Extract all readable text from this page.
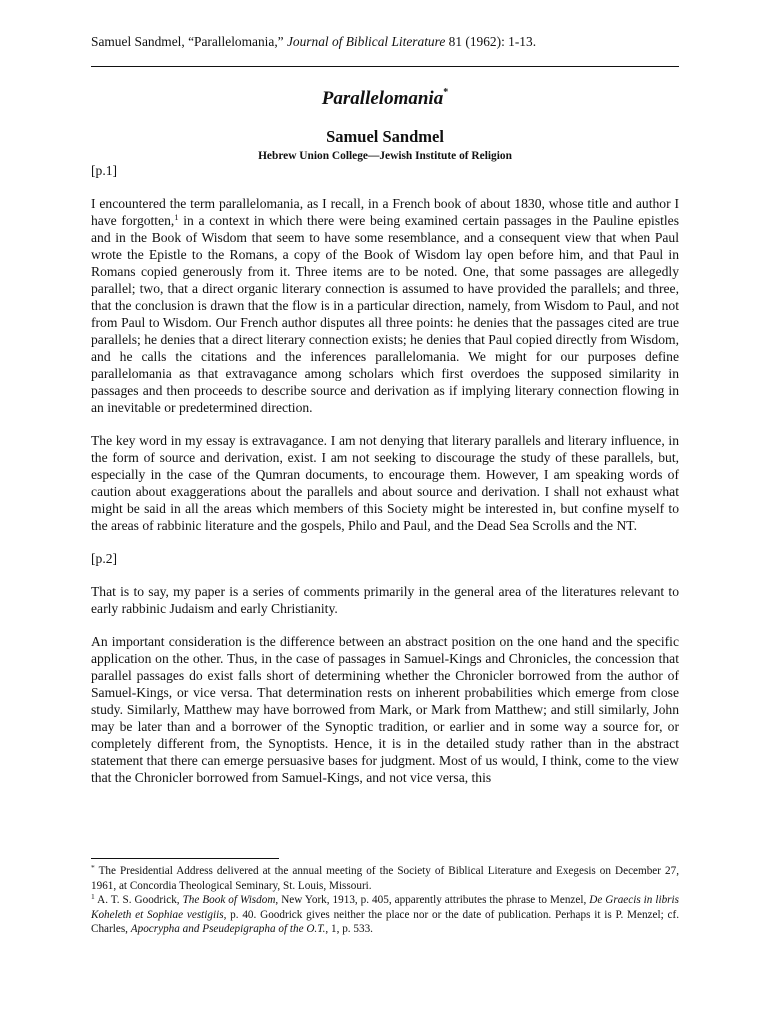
Samuel Sandmel, “Parallelomania,” Journal of Biblical Literature 81 (1962): 1-13.
Parallelomania*
Samuel Sandmel
Hebrew Union College—Jewish Institute of Religion

[p.1]

I encountered the term parallelomania, as I recall, in a French book of about 1830, whose title and author I have forgotten,$^1$ in a context in which there were being examined certain passages in the Pauline epistles and in the Book of Wisdom that seem to have some resemblance, and a consequent view that when Paul wrote the Epistle to the Romans, a copy of the Book of Wisdom lay open before him, and that Paul in Romans copied generously from it. Three items are to be noted. One, that some passages are allegedly parallel; two, that a direct organic literary connection is assumed to have provided the parallels; and three, that the conclusion is drawn that the flow is in a particular direction, namely, from Wisdom to Paul, and not from Paul to Wisdom. Our French author disputes all three points: he denies that the passages cited are true parallels; he denies that a direct literary connection exists; he denies that Paul copied directly from Wisdom, and he calls the citations and the inferences parallelomania. We might for our purposes define parallelomania as that extravagance among scholars which first overdoes the supposed similarity in passages and then proceeds to describe source and derivation as if implying literary connection flowing in an inevitable or predetermined direction.

The key word in my essay is extravagance. I am not denying that literary parallels and literary influence, in the form of source and derivation, exist. I am not seeking to discourage the study of these parallels, but, especially in the case of the Qumran documents, to encourage them. However, I am speaking words of caution about exaggerations about the parallels and about source and derivation. I shall not exhaust what might be said in all the areas which members of this Society might be interested in, but confine myself to the areas of rabbinic literature and the gospels, Philo and Paul, and the Dead Sea Scrolls and the NT.

[p.2]

That is to say, my paper is a series of comments primarily in the general area of the literatures relevant to early rabbinic Judaism and early Christianity.

An important consideration is the difference between an abstract position on the one hand and the specific application on the other. Thus, in the case of passages in Samuel-Kings and Chronicles, the concession that parallel passages do exist falls short of determining whether the Chronicler borrowed from the author of Samuel-Kings, or vice versa. That determination rests on inherent probabilities which emerge from close study. Similarly, Matthew may have borrowed from Mark, or Mark from Matthew; and still similarly, John may be later than and a borrower of the Synoptic tradition, or earlier and in some way a source for, or completely different from, the Synoptists. Hence, it is in the detailed study rather than in the abstract statement that there can emerge persuasive bases for judgment. Most of us would, I think, come to the view that the Chronicler borrowed from Samuel-Kings, and not vice versa, this

* The Presidential Address delivered at the annual meeting of the Society of Biblical Literature and Exegesis on December 27, 1961, at Concordia Theological Seminary, St. Louis, Missouri.

$^1$ A. T. S. Goodrick, The Book of Wisdom, New York, 1913, p. 405, apparently attributes the phrase to Menzel, De Graecis in libris Koheleth et Sophiae vestigiis, p. 40. Goodrick gives neither the place nor or the date of publication. Perhaps it is P. Menzel; cf. Charles, Apocrypha and Pseudepigrapha of the O.T., 1, p. 533.
